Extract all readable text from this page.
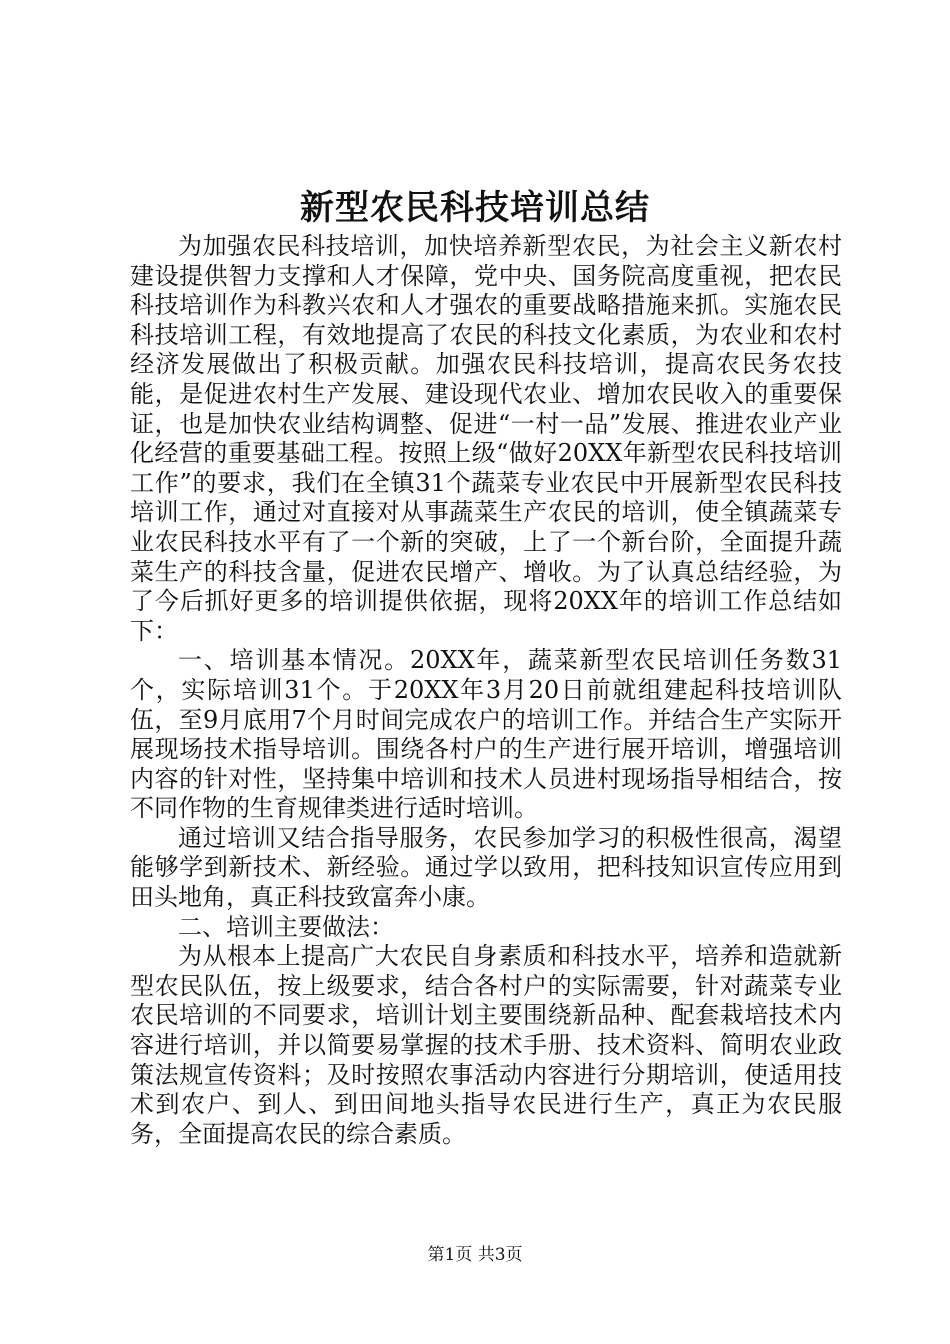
新型农民科技培训总结

为加强农民科技培训，加快培养新型农民，为社会主义新农村建设提供智力支撑和人才保障，党中央、国务院高度重视，把农民科技培训作为科教兴农和人才强农的重要战略措施来抓。实施农民科技培训工程，有效地提高了农民的科技文化素质，为农业和农村经济发展做出了积极贡献。加强农民科技培训，提高农民务农技能，是促进农村生产发展、建设现代农业、增加农民收入的重要保证，也是加快农业结构调整、促进“一村一品”发展、推进农业产业化经营的重要基础工程。按照上级“做好20XX年新型农民科技培训工作”的要求，我们在全镇31个蔬菜专业农民中开展新型农民科技培训工作，通过对直接对从事蔬菜生产农民的培训，使全镇蔬菜专业农民科技水平有了一个新的突破，上了一个新台阶，全面提升蔬菜生产的科技含量，促进农民增产、增收。为了认真总结经验，为了今后抓好更多的培训提供依据，现将20XX年的培训工作总结如下：

一、培训基本情况。20XX年，蔬菜新型农民培训任务数31个，实际培训31个。于20XX年3月20日前就组建起科技培训队伍，至9月底用7个月时间完成农户的培训工作。并结合生产实际开展现场技术指导培训。围绕各村户的生产进行展开培训，增强培训内容的针对性，坚持集中培训和技术人员进村现场指导相结合，按不同作物的生育规律类进行适时培训。

通过培训又结合指导服务，农民参加学习的积极性很高，渴望能够学到新技术、新经验。通过学以致用，把科技知识宣传应用到田头地角，真正科技致富奔小康。

二、培训主要做法：

为从根本上提高广大农民自身素质和科技水平，培养和造就新型农民队伍，按上级要求，结合各村户的实际需要，针对蔬菜专业农民培训的不同要求，培训计划主要围绕新品种、配套栽培技术内容进行培训，并以简要易掌握的技术手册、技术资料、简明农业政策法规宣传资料；及时按照农事活动内容进行分期培训，使适用技术到农户、到人、到田间地头指导农民进行生产，真正为农民服务，全面提高农民的综合素质。

第1页 共3页
